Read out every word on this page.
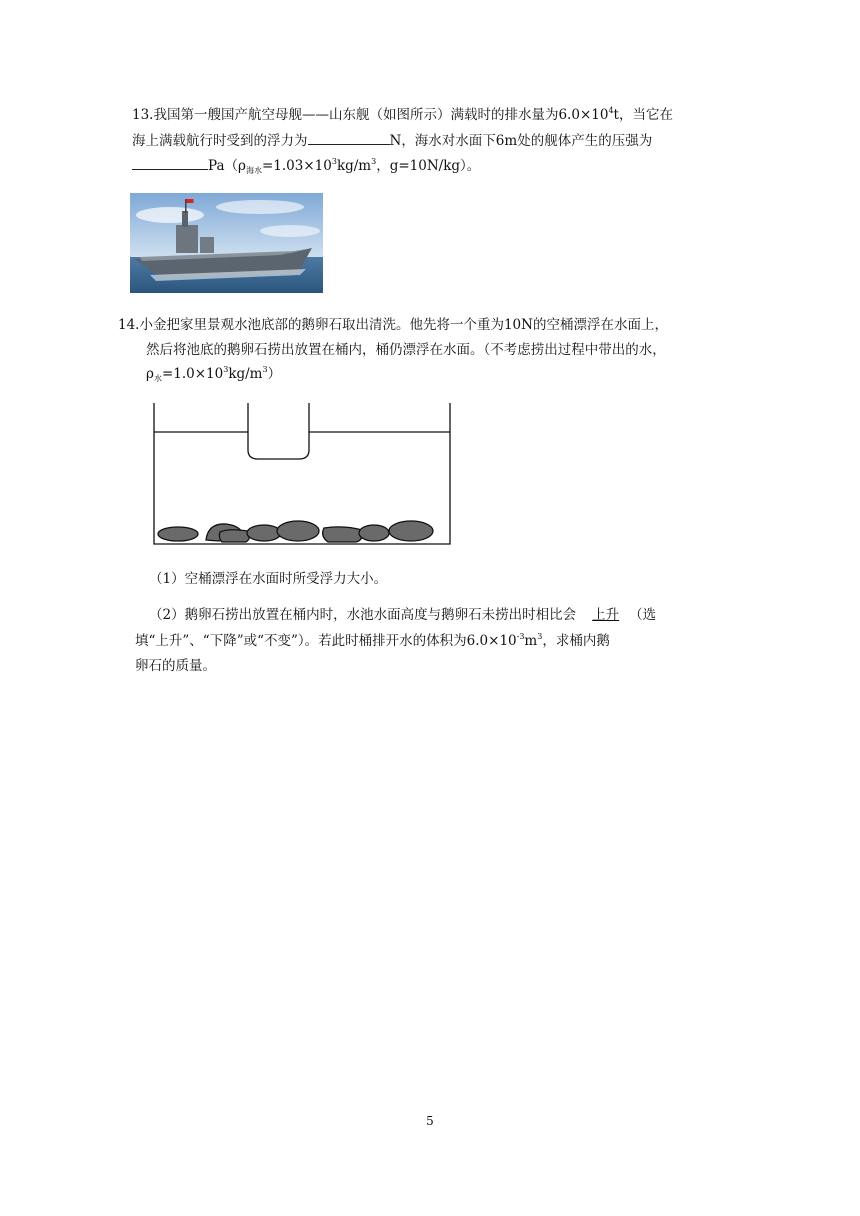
13.我国第一艘国产航空母舰——山东舰（如图所示）满载时的排水量为$6.0\times 10^4t$，当它在
海上满载航行时受到的浮力为	N，海水对水面下6m处的舰体产生的压强为
$Pa(\rho_{海水}=1.03\times 10^3kg/m^3$，g=10N/kg）。
14.小金把家里景观水池底部的鹅卵石取出清洗。他先将一个重为10N的空桶漂浮在水面上，
然后将池底的鹅卵石捞出放置在桶内，桶仍漂浮在水面。（不考虑捞出过程中带出的水，
$\rho_水=1.0\times 10^3kg/m^3$）
（1）空桶漂浮在水面时所受浮力大小。
（2）鹅卵石捞出放置在桶内时，水池水面高度与鹅卵石未捞出时相比会 上升 （选
填“上升”、“下降”或“不变”）。若此时桶排开水的体积为$6.0\times 10^{-3}m^3$，求桶内鹅
卵石的质量。
5
